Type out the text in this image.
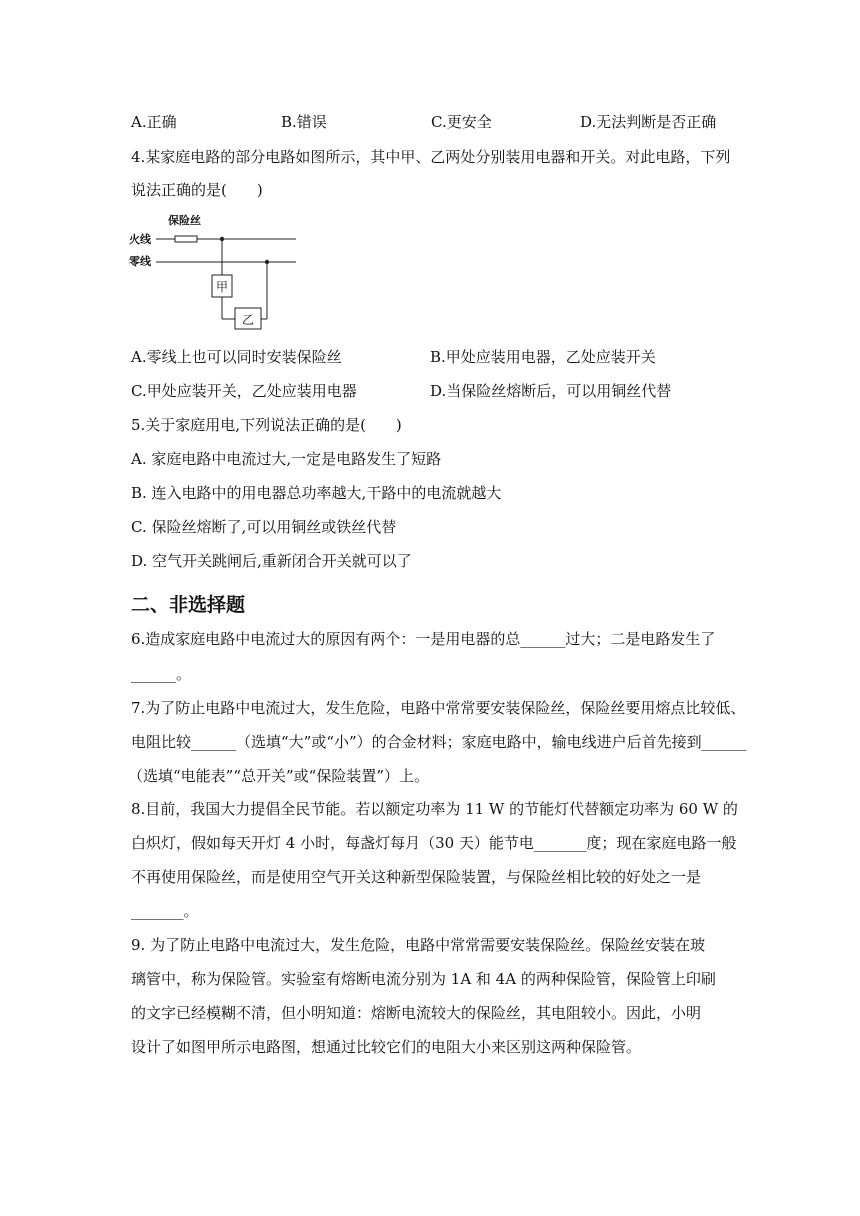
A.正确	B.错误	C.更安全	D.无法判断是否正确
4.某家庭电路的部分电路如图所示，其中甲、乙两处分别装用电器和开关。对此电路，下列
说法正确的是(　　)
保险丝
火线
零线
甲
乙
A.零线上也可以同时安装保险丝	B.甲处应装用电器，乙处应装开关
C.甲处应装开关，乙处应装用电器	D.当保险丝熔断后，可以用铜丝代替
5.关于家庭用电,下列说法正确的是(　　)
A. 家庭电路中电流过大,一定是电路发生了短路
B. 连入电路中的用电器总功率越大,干路中的电流就越大
C. 保险丝熔断了,可以用铜丝或铁丝代替
D. 空气开关跳闸后,重新闭合开关就可以了
二、非选择题
6.造成家庭电路中电流过大的原因有两个：一是用电器的总______过大；二是电路发生了
______。
7.为了防止电路中电流过大，发生危险，电路中常常要安装保险丝，保险丝要用熔点比较低、
电阻比较______（选填“大”或“小”）的合金材料；家庭电路中，输电线进户后首先接到______
（选填“电能表”“总开关”或“保险装置”）上。
8.目前，我国大力提倡全民节能。若以额定功率为 11 W 的节能灯代替额定功率为 60 W 的
白炽灯，假如每天开灯 4 小时，每盏灯每月（30 天）能节电_______度；现在家庭电路一般
不再使用保险丝，而是使用空气开关这种新型保险装置，与保险丝相比较的好处之一是
_______。
9. 为了防止电路中电流过大，发生危险，电路中常常需要安装保险丝。保险丝安装在玻
璃管中，称为保险管。实验室有熔断电流分别为 1A 和 4A 的两种保险管，保险管上印刷
的文字已经模糊不清，但小明知道：熔断电流较大的保险丝，其电阻较小。因此，小明
设计了如图甲所示电路图，想通过比较它们的电阻大小来区别这两种保险管。
